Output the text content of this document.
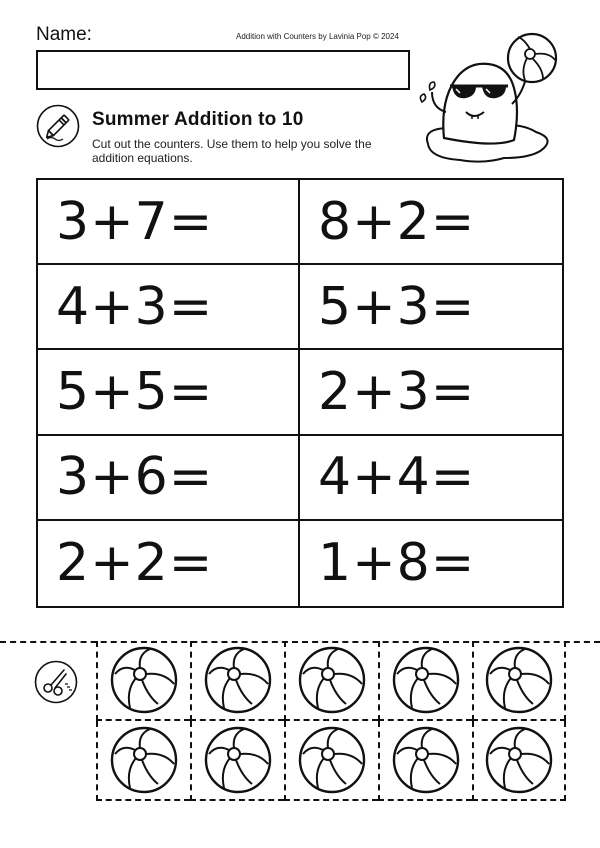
Name:	Addition with Counters by Lavinia Pop © 2024
Summer Addition to 10
Cut out the counters. Use them to help you solve the addition equations.
3+7=	8+2=
4+3=	5+3=
5+5=	2+3=
3+6=	4+4=
2+2=	1+8=
